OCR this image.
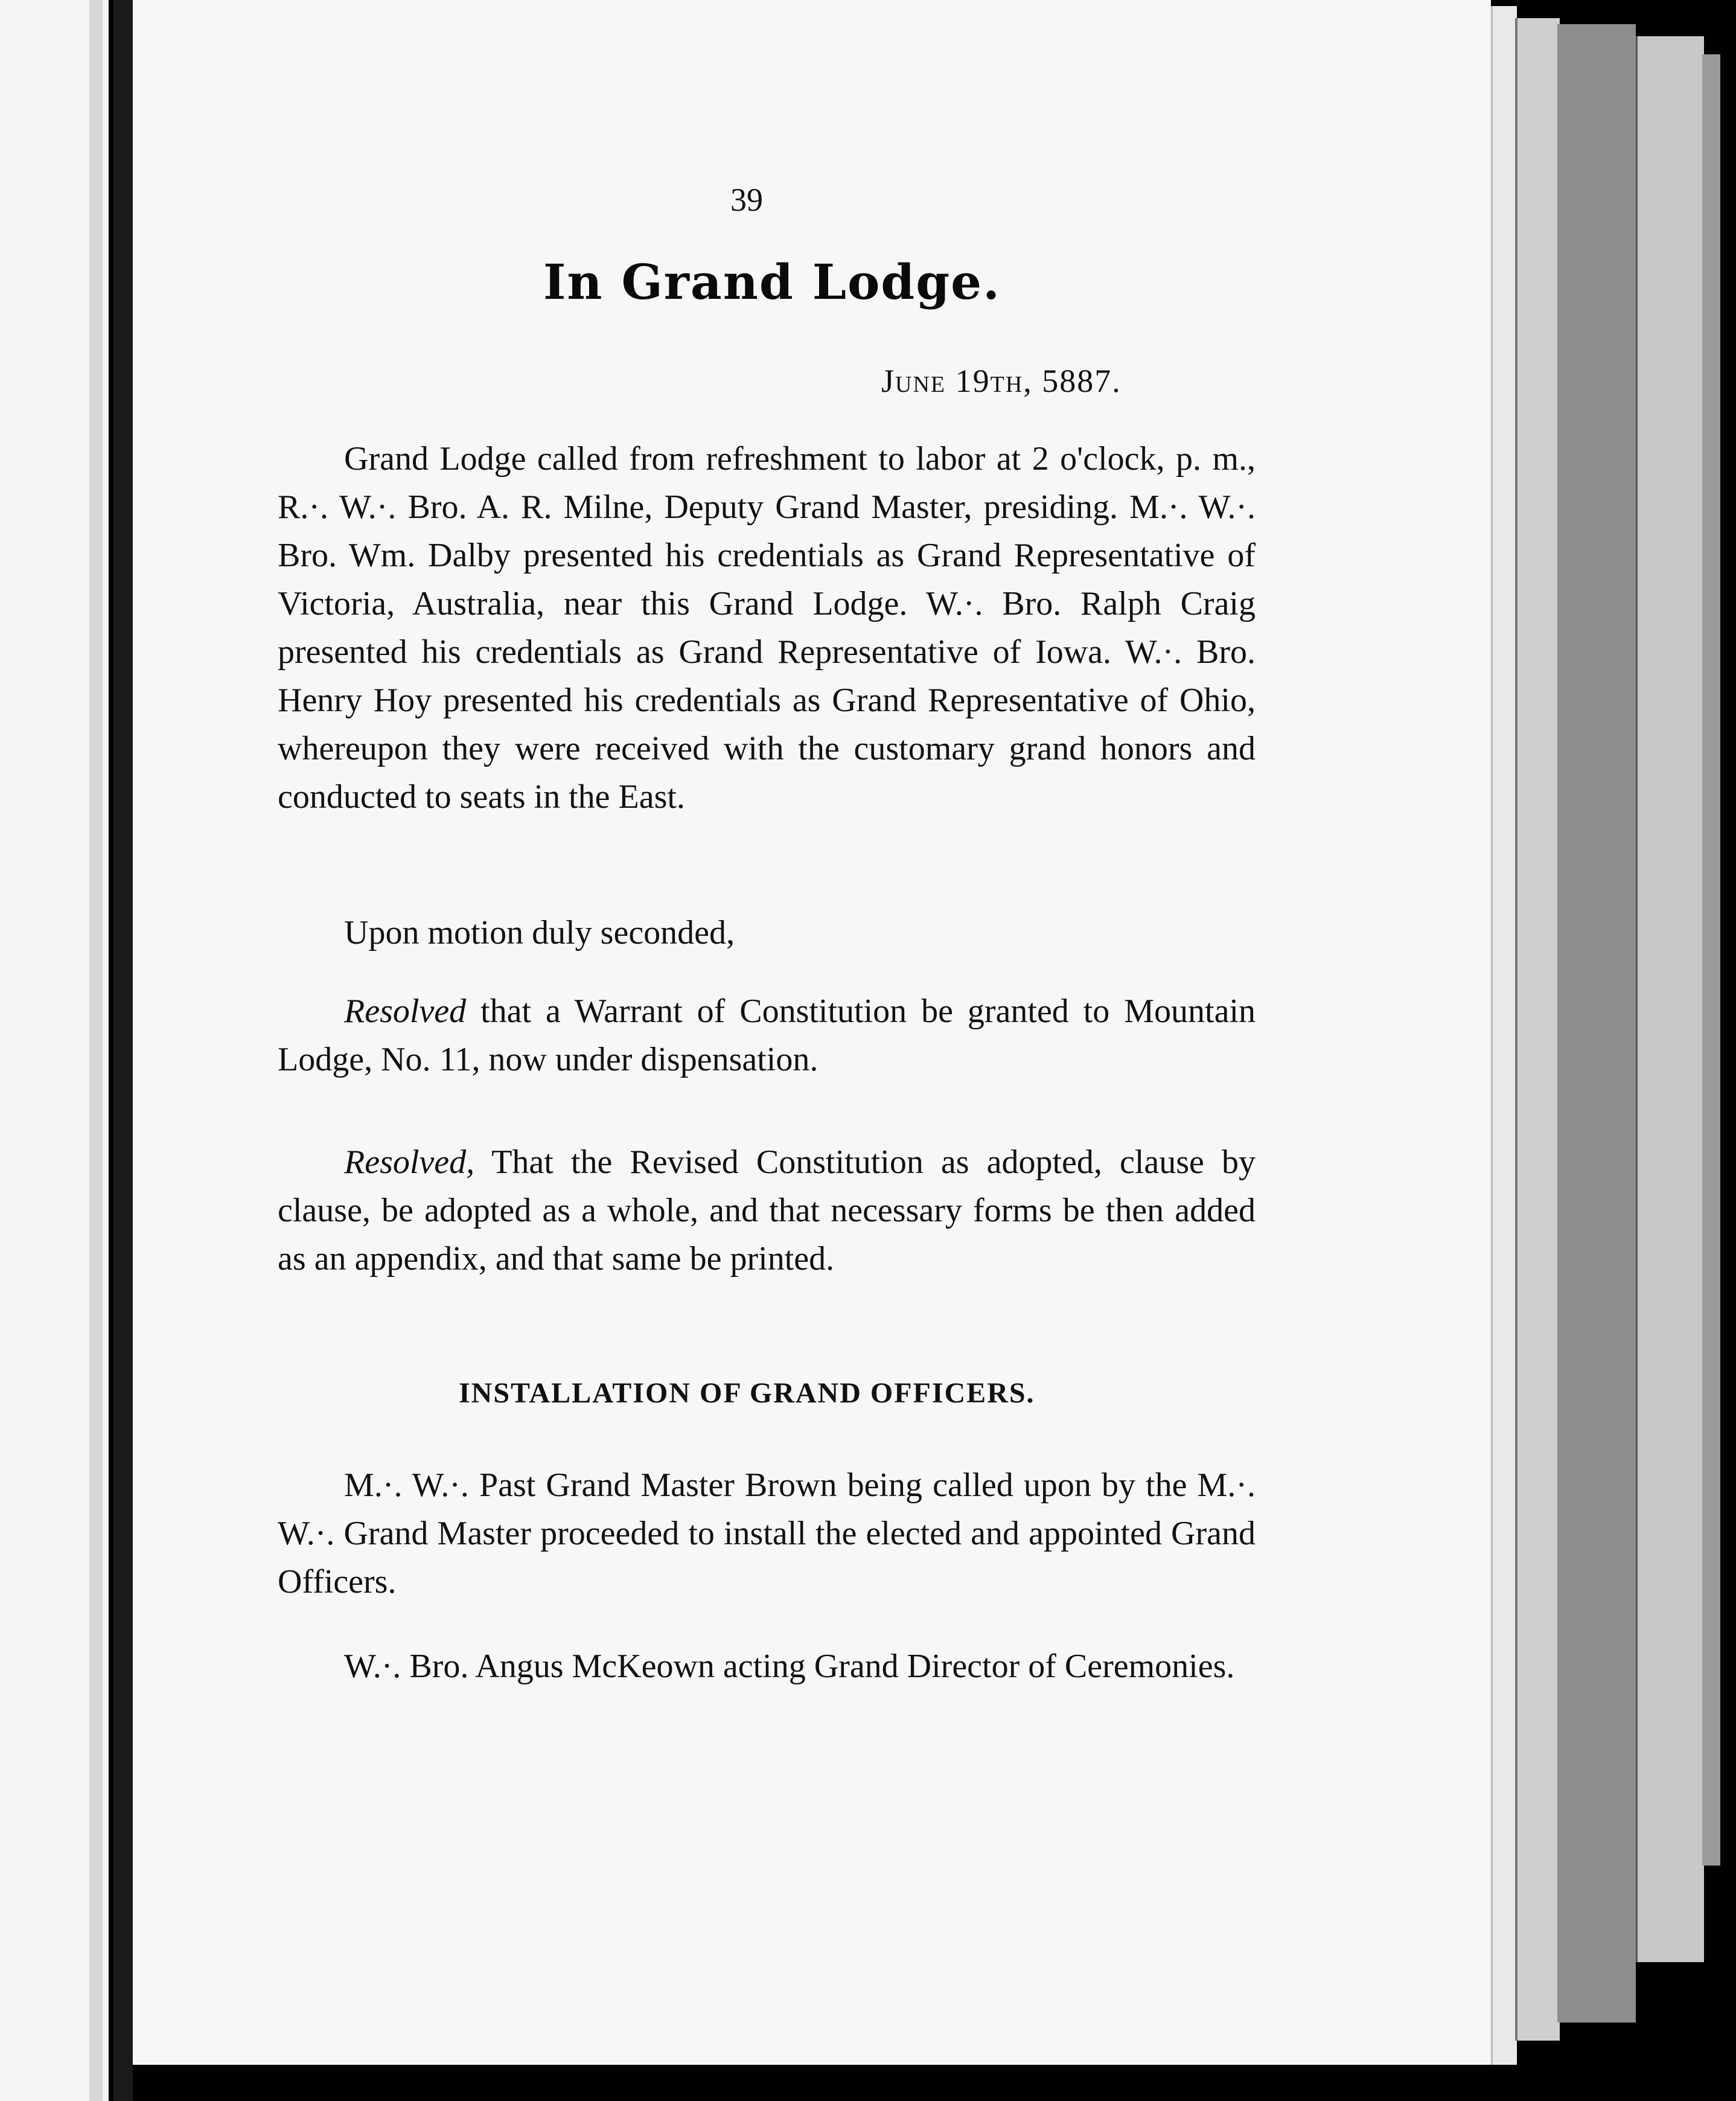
39
In Grand Lodge.
June 19th, 5887.
Grand Lodge called from refreshment to labor at 2 o'clock, p. m., R.·. W.·. Bro. A. R. Milne, Deputy Grand Master, presiding. M.·. W.·. Bro. Wm. Dalby presented his credentials as Grand Representative of Victoria, Australia, near this Grand Lodge. W.·. Bro. Ralph Craig presented his credentials as Grand Representative of Iowa. W.·. Bro. Henry Hoy presented his credentials as Grand Representative of Ohio, whereupon they were received with the customary grand honors and conducted to seats in the East.
Upon motion duly seconded,
Resolved that a Warrant of Constitution be granted to Mountain Lodge, No. 11, now under dispensation.
Resolved, That the Revised Constitution as adopted, clause by clause, be adopted as a whole, and that necessary forms be then added as an appendix, and that same be printed.
INSTALLATION OF GRAND OFFICERS.
M.·. W.·. Past Grand Master Brown being called upon by the M.·. W.·. Grand Master proceeded to install the elected and appointed Grand Officers.
W.·. Bro. Angus McKeown acting Grand Director of Ceremonies.
